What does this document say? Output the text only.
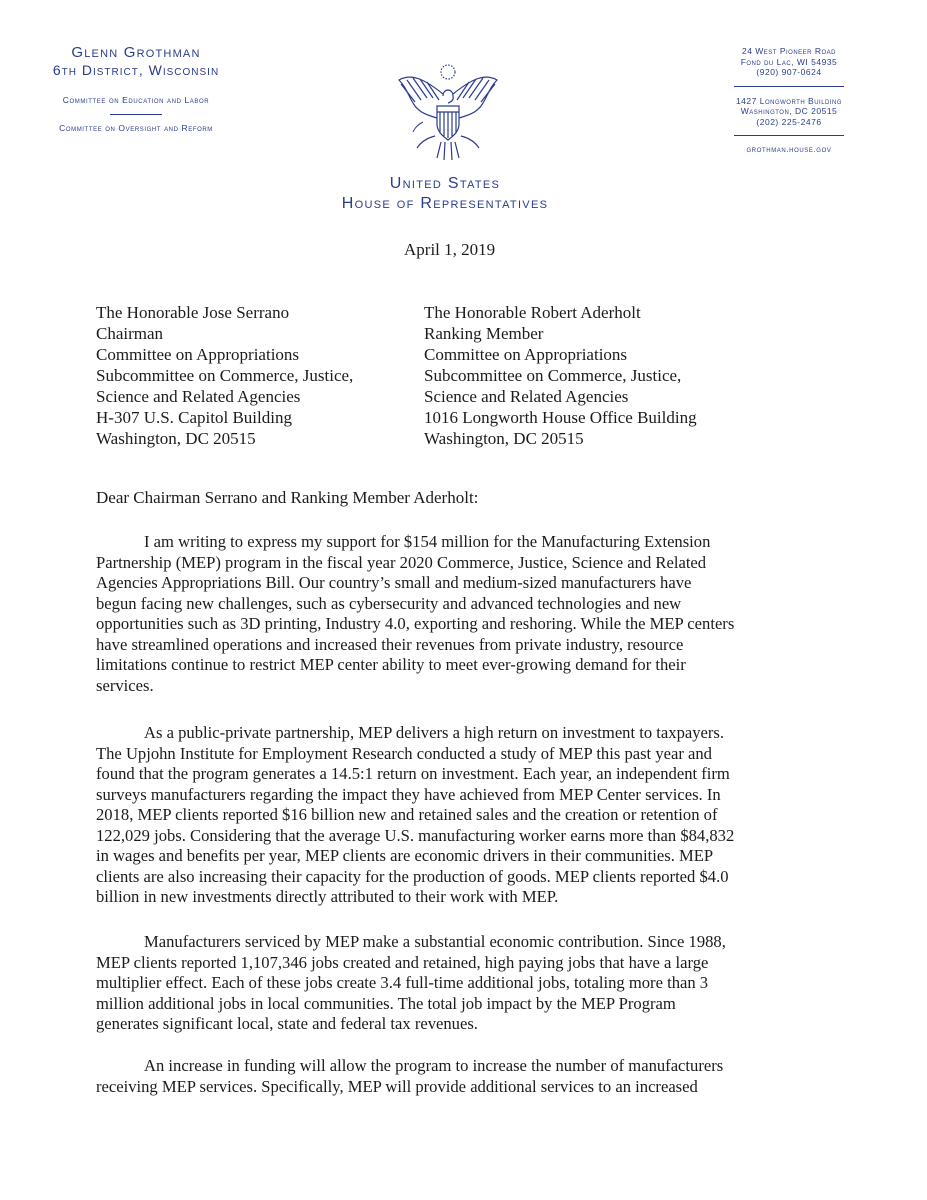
Glenn Grothman
6th District, Wisconsin
Committee on Education and Labor
Committee on Oversight and Reform
24 West Pioneer Road
Fond du Lac, WI 54935
(920) 907-0624
1427 Longworth Building
Washington, DC 20515
(202) 225-2476
grothman.house.gov
United States
House of Representatives
April 1, 2019
The Honorable Jose Serrano
Chairman
Committee on Appropriations
Subcommittee on Commerce, Justice,
Science and Related Agencies
H-307 U.S. Capitol Building
Washington, DC 20515
The Honorable Robert Aderholt
Ranking Member
Committee on Appropriations
Subcommittee on Commerce, Justice,
Science and Related Agencies
1016 Longworth House Office Building
Washington, DC 20515
Dear Chairman Serrano and Ranking Member Aderholt:
I am writing to express my support for $154 million for the Manufacturing Extension
Partnership (MEP) program in the fiscal year 2020 Commerce, Justice, Science and Related
Agencies Appropriations Bill. Our country’s small and medium-sized manufacturers have
begun facing new challenges, such as cybersecurity and advanced technologies and new
opportunities such as 3D printing, Industry 4.0, exporting and reshoring. While the MEP centers
have streamlined operations and increased their revenues from private industry, resource
limitations continue to restrict MEP center ability to meet ever-growing demand for their
services.
As a public-private partnership, MEP delivers a high return on investment to taxpayers.
The Upjohn Institute for Employment Research conducted a study of MEP this past year and
found that the program generates a 14.5:1 return on investment. Each year, an independent firm
surveys manufacturers regarding the impact they have achieved from MEP Center services. In
2018, MEP clients reported $16 billion new and retained sales and the creation or retention of
122,029 jobs. Considering that the average U.S. manufacturing worker earns more than $84,832
in wages and benefits per year, MEP clients are economic drivers in their communities. MEP
clients are also increasing their capacity for the production of goods. MEP clients reported $4.0
billion in new investments directly attributed to their work with MEP.
Manufacturers serviced by MEP make a substantial economic contribution. Since 1988,
MEP clients reported 1,107,346 jobs created and retained, high paying jobs that have a large
multiplier effect. Each of these jobs create 3.4 full-time additional jobs, totaling more than 3
million additional jobs in local communities. The total job impact by the MEP Program
generates significant local, state and federal tax revenues.
An increase in funding will allow the program to increase the number of manufacturers
receiving MEP services. Specifically, MEP will provide additional services to an increased
